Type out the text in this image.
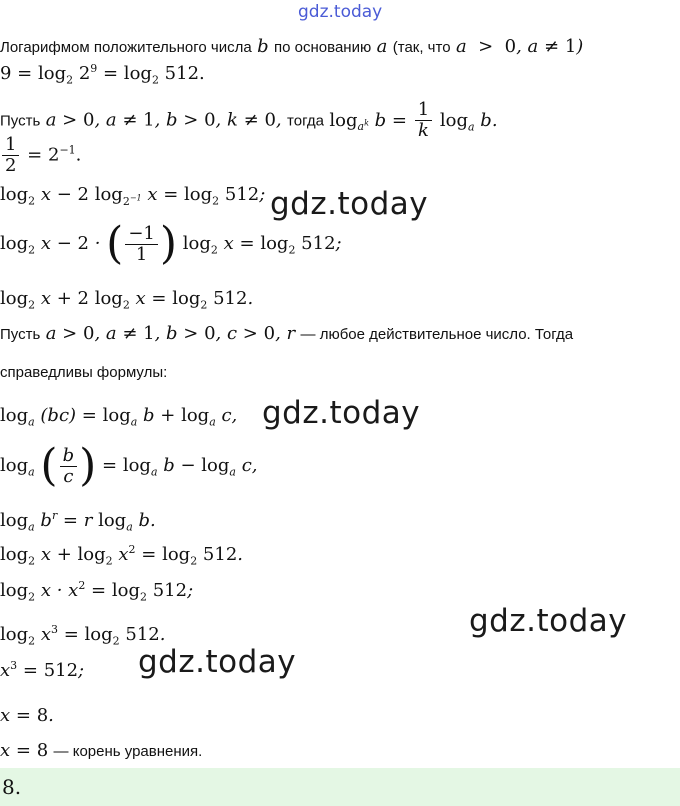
gdz.today
Логарифмом положительного числа b по основанию a (так, что a  >  0, a ≠ 1)
$9 = \log_2 2^9 = \log_2 512$.
Пусть a > 0, a ≠ 1, b > 0, k ≠ 0, тогда $\log_{a^k} b = \frac{1}{k} \log_a b$.
$\frac{1}{2} = 2^{-1}$.
$\log_2 x - 2$ $\log_{2^{-1}} x = \log_2 512$;
$\log_2 x - 2$ · ( $\frac{-1}{1}$ ) $\log_2 x = \log_2 512$;
$\log_2 x + 2$ $\log_2 x = \log_2 512$.
Пусть a > 0, a ≠ 1, b > 0, c > 0, r — любое действительное число. Тогда
справедливы формулы:
$\log_a (bc) = \log_a b + \log_a c$,
$\log_a$ ( $\frac{b}{c}$ ) = $\log_a b - \log_a c$,
$\log_a b^r = r$ $\log_a b$.
$\log_2 x + \log_2 x^2 = \log_2 512$.
$\log_2 x \cdot x^2 = \log_2 512$;
$\log_2 x^3 = \log_2 512$.
$x^3 = 512$;
x = 8.
x = 8 — корень уравнения.
gdz.today
gdz.today
gdz.today
gdz.today
8.
